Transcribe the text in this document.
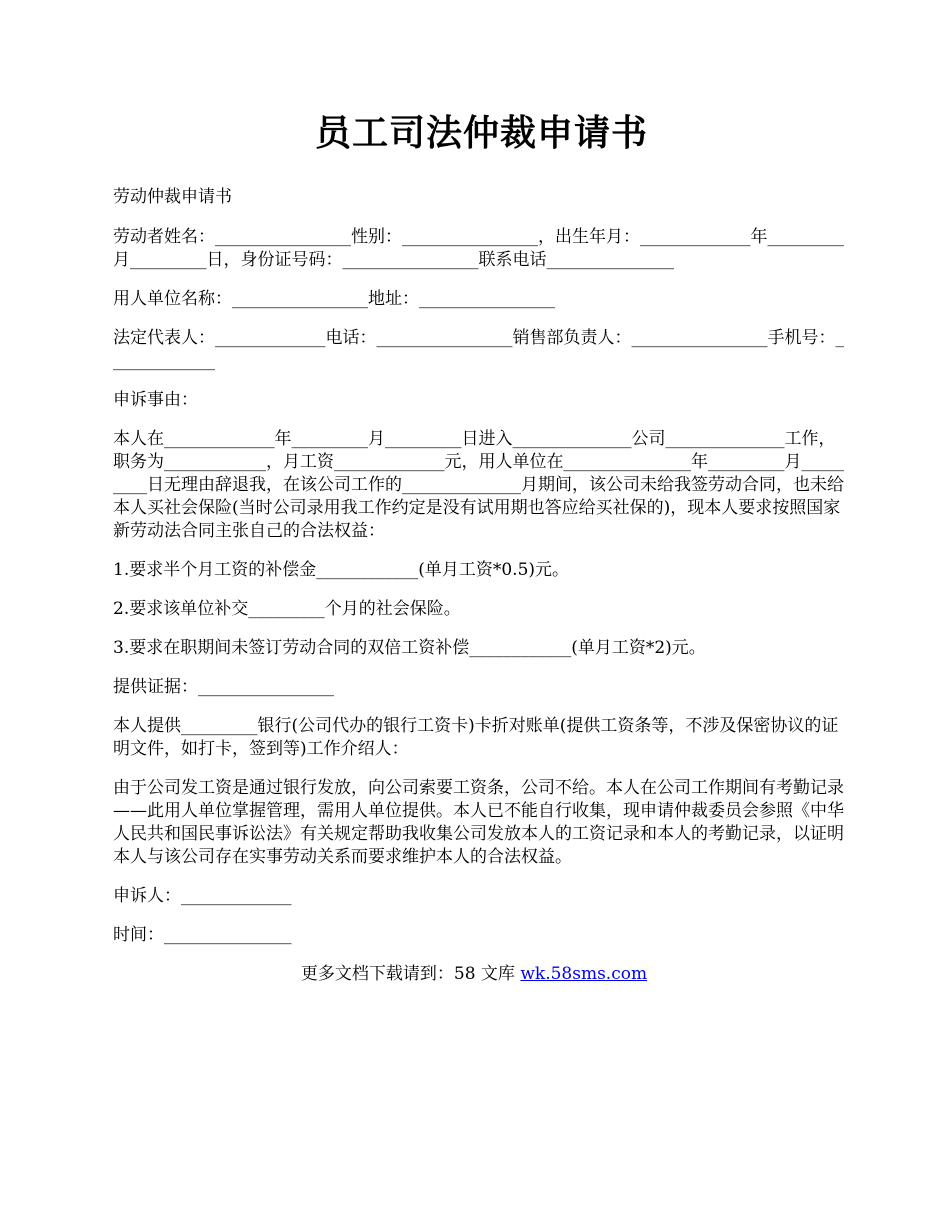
员工司法仲裁申请书

劳动仲裁申请书

劳动者姓名：________________性别：________________，出生年月：_____________年_________月_________日，身份证号码：________________联系电话_______________

用人单位名称：________________地址：________________

法定代表人：_____________电话：________________销售部负责人：________________手机号：_____________

申诉事由：

本人在_____________年_________月_________日进入______________公司______________工作，职务为____________，月工资_____________元，用人单位在_______________年_________月_________日无理由辞退我，在该公司工作的______________月期间，该公司未给我签劳动合同，也未给本人买社会保险(当时公司录用我工作约定是没有试用期也答应给买社保的)，现本人要求按照国家新劳动法合同主张自己的合法权益：

1.要求半个月工资的补偿金____________(单月工资*0.5)元。

2.要求该单位补交_________个月的社会保险。

3.要求在职期间未签订劳动合同的双倍工资补偿____________(单月工资*2)元。

提供证据：________________

本人提供_________银行(公司代办的银行工资卡)卡折对账单(提供工资条等，不涉及保密协议的证明文件，如打卡，签到等)工作介绍人：

由于公司发工资是通过银行发放，向公司索要工资条，公司不给。本人在公司工作期间有考勤记录——此用人单位掌握管理，需用人单位提供。本人已不能自行收集，现申请仲裁委员会参照《中华人民共和国民事诉讼法》有关规定帮助我收集公司发放本人的工资记录和本人的考勤记录，以证明本人与该公司存在实事劳动关系而要求维护本人的合法权益。

申诉人：_____________

时间：_______________

更多文档下载请到：58 文库 wk.58sms.com
